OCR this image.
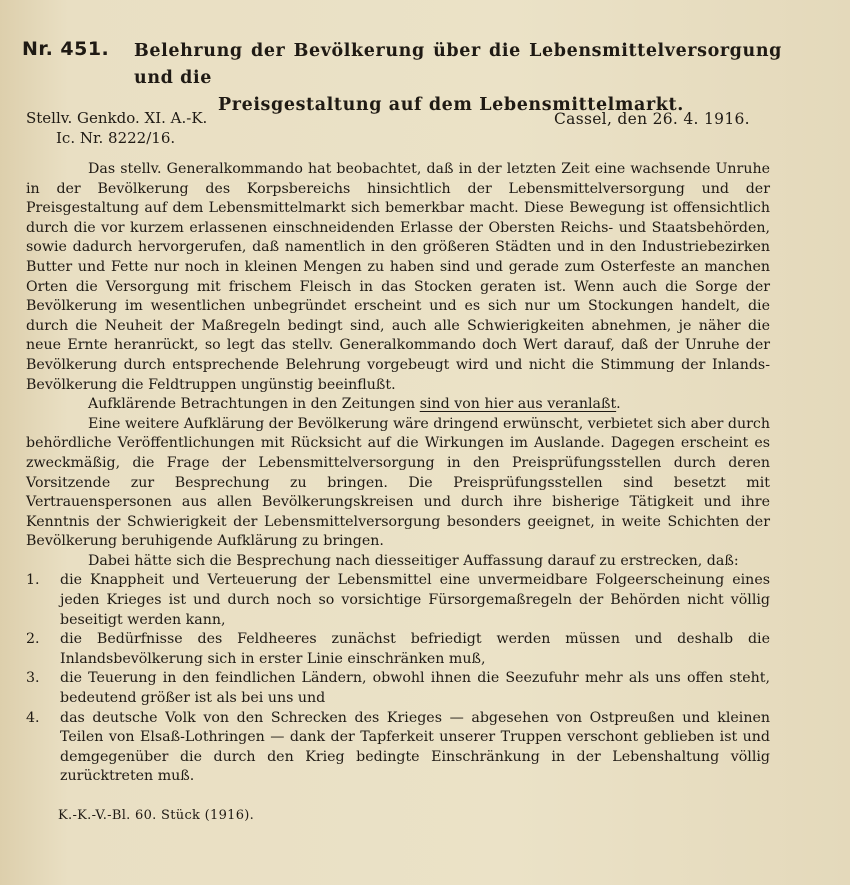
Nr. 451. Belehrung der Bevölkerung über die Lebensmittelversorgung und die
Preisgestaltung auf dem Lebensmittelmarkt.
Stellv. Genkdo. XI. A.-K.
Ic. Nr. 8222/16.
Cassel, den 26. 4. 1916.

Das stellv. Generalkommando hat beobachtet, daß in der letzten Zeit eine wachsende Unruhe in der Bevölkerung des Korpsbereichs hinsichtlich der Lebensmittelversorgung und der Preisgestaltung auf dem Lebensmittelmarkt sich bemerkbar macht. Diese Bewegung ist offensichtlich durch die vor kurzem erlassenen einschneidenden Erlasse der Obersten Reichs- und Staatsbehörden, sowie dadurch hervorgerufen, daß namentlich in den größeren Städten und in den Industriebezirken Butter und Fette nur noch in kleinen Mengen zu haben sind und gerade zum Osterfeste an manchen Orten die Versorgung mit frischem Fleisch in das Stocken geraten ist. Wenn auch die Sorge der Bevölkerung im wesentlichen unbegründet erscheint und es sich nur um Stockungen handelt, die durch die Neuheit der Maßregeln bedingt sind, auch alle Schwierigkeiten abnehmen, je näher die neue Ernte heranrückt, so legt das stellv. Generalkommando doch Wert darauf, daß der Unruhe der Bevölkerung durch entsprechende Belehrung vorgebeugt wird und nicht die Stimmung der Inlands-Bevölkerung die Feldtruppen ungünstig beeinflußt.

Aufklärende Betrachtungen in den Zeitungen sind von hier aus veranlaßt.

Eine weitere Aufklärung der Bevölkerung wäre dringend erwünscht, verbietet sich aber durch behördliche Veröffentlichungen mit Rücksicht auf die Wirkungen im Auslande. Dagegen erscheint es zweckmäßig, die Frage der Lebensmittelversorgung in den Preisprüfungsstellen durch deren Vorsitzende zur Besprechung zu bringen. Die Preisprüfungsstellen sind besetzt mit Vertrauenspersonen aus allen Bevölkerungskreisen und durch ihre bisherige Tätigkeit und ihre Kenntnis der Schwierigkeit der Lebensmittelversorgung besonders geeignet, in weite Schichten der Bevölkerung beruhigende Aufklärung zu bringen.

Dabei hätte sich die Besprechung nach diesseitiger Auffassung darauf zu erstrecken, daß:

1. die Knappheit und Verteuerung der Lebensmittel eine unvermeidbare Folgeerscheinung eines jeden Krieges ist und durch noch so vorsichtige Fürsorgemaßregeln der Behörden nicht völlig beseitigt werden kann,
2. die Bedürfnisse des Feldheeres zunächst befriedigt werden müssen und deshalb die Inlandsbevölkerung sich in erster Linie einschränken muß,
3. die Teuerung in den feindlichen Ländern, obwohl ihnen die Seezufuhr mehr als uns offen steht, bedeutend größer ist als bei uns und
4. das deutsche Volk von den Schrecken des Krieges — abgesehen von Ostpreußen und kleinen Teilen von Elsaß-Lothringen — dank der Tapferkeit unserer Truppen verschont geblieben ist und demgegenüber die durch den Krieg bedingte Einschränkung in der Lebenshaltung völlig zurücktreten muß.
K.-K.-V.-Bl. 60. Stück (1916).
